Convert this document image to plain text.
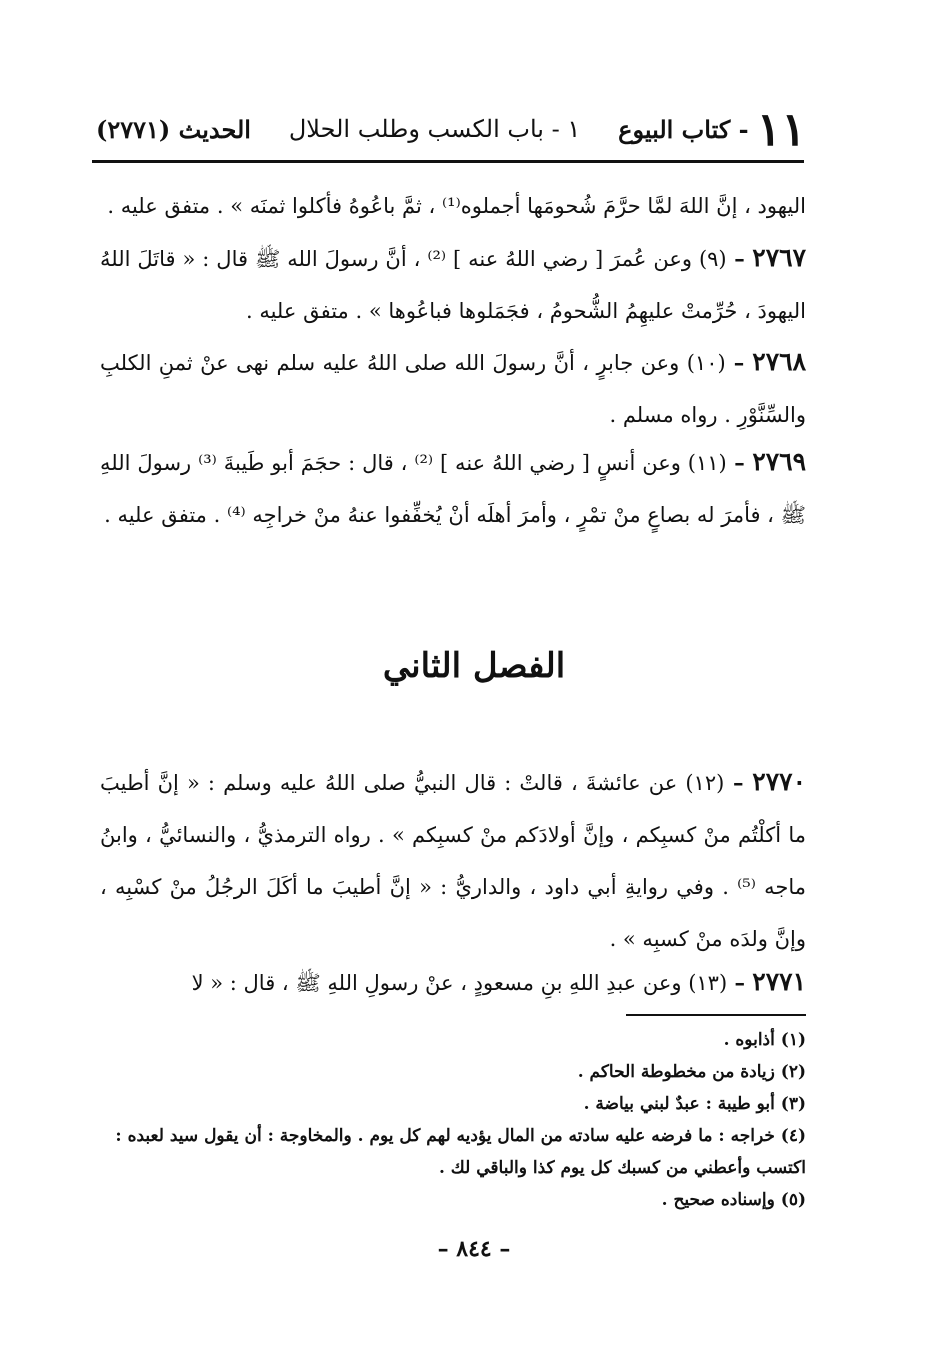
١١
- كتاب البيوع
١ - باب الكسب وطلب الحلال
الحديث (٢٧٧١)
اليهود ، إنَّ اللهَ لمَّا حرَّمَ شُحومَها أجملوه⁽¹⁾ ، ثمَّ باعُوهُ فأكلوا ثمنَه » . متفق عليه .
٢٧٦٧ – (٩) وعن عُمرَ [ رضي اللهُ عنه ] ⁽²⁾ ، أنَّ رسولَ الله ﷺ قال : « قاتَلَ اللهُ اليهودَ ، حُرِّمتْ عليهِمُ الشُّحومُ ، فجَمَلوها فباعُوها » . متفق عليه .
٢٧٦٨ – (١٠) وعن جابرٍ ، أنَّ رسولَ الله صلى اللهُ عليه سلم نهى عنْ ثمنِ الكلبِ والسِّنَّوْرِ . رواه مسلم .
٢٧٦٩ – (١١) وعن أنسٍ [ رضي اللهُ عنه ] ⁽²⁾ ، قال : حجَمَ أبو طَيبةَ ⁽³⁾ رسولَ اللهِ ﷺ ، فأمرَ له بصاعٍ منْ تمْرٍ ، وأمرَ أهلَه أنْ يُخفِّفوا عنهُ منْ خراجِه ⁽⁴⁾ . متفق عليه .
الفصل الثاني
٢٧٧٠ – (١٢) عن عائشةَ ، قالتْ : قال النبيُّ صلى اللهُ عليه وسلم : « إنَّ أطيبَ ما أكلْتُم منْ كسبِكم ، وإنَّ أولادَكم منْ كسبِكم » . رواه الترمذيُّ ، والنسائيُّ ، وابنُ ماجه ⁽⁵⁾ . وفي روايةِ أبي داود ، والداريُّ : « إنَّ أطيبَ ما أكَلَ الرجُلُ منْ كسْبِه ، وإنَّ ولدَه منْ كسبِه » .
٢٧٧١ – (١٣) وعن عبدِ اللهِ بنِ مسعودٍ ، عنْ رسولِ اللهِ ﷺ ، قال : « لا
(١) أذابوه .
(٢) زيادة من مخطوطة الحاكم .
(٣) أبو طيبة : عبدٌ لبني بياضة .
(٤) خراجه : ما فرضه عليه سادته من المال يؤديه لهم كل يوم . والمخاوجة : أن يقول سيد لعبده : اكتسب وأعطني من كسبك كل يوم كذا والباقي لك .
(٥) وإسناده صحيح .
– ٨٤٤ –
